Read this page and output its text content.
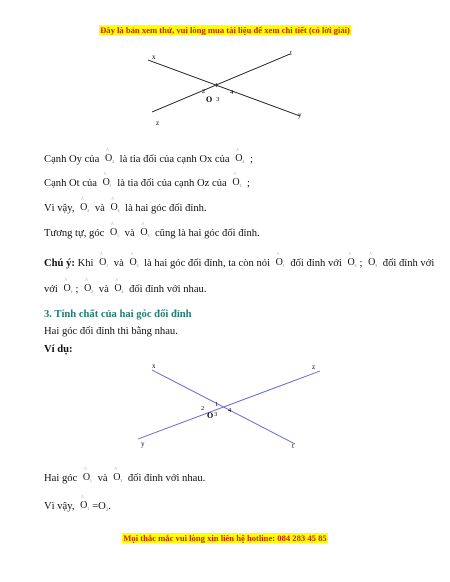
Đây là bản xem thử, vui lòng mua tài liệu để xem chi tiết (có lời giải)
x	t
z
y
O
1
2
3
4
Cạnh Oy của
^
O 2 là tia đối của cạnh Ox của
^
O 4 ;
Cạnh Ot của
^
O 1 là tia đối của cạnh Oz của
^
O 3 ;
Vì vậy,
^
O 2 và
^
O 4 là hai góc đối đỉnh.
Tương tự, góc
^
O 1 và
^
O 3 cũng là hai góc đối đỉnh.
Chú ý: Khi
^
O 1 và
^
O 3 là hai góc đối đỉnh, ta còn nói
^
O 1 đối đỉnh với
^
O 3 ;
^
O 3 đối đỉnh với
với
^
O 1 ;
^
O 2 và
^
O 4 đối đỉnh với nhau.
3. Tính chất của hai góc đối đỉnh
Hai góc đối đỉnh thì bằng nhau.
Ví dụ:
x	z
y	t
O
1
2
3
4
Hai góc
^
O 1 và
^
O 3 đối đỉnh với nhau.
Vì vậy,
^
O 1 =O3.
Mọi thắc mắc vui lòng xin liên hệ hotline: 084 283 45 85
